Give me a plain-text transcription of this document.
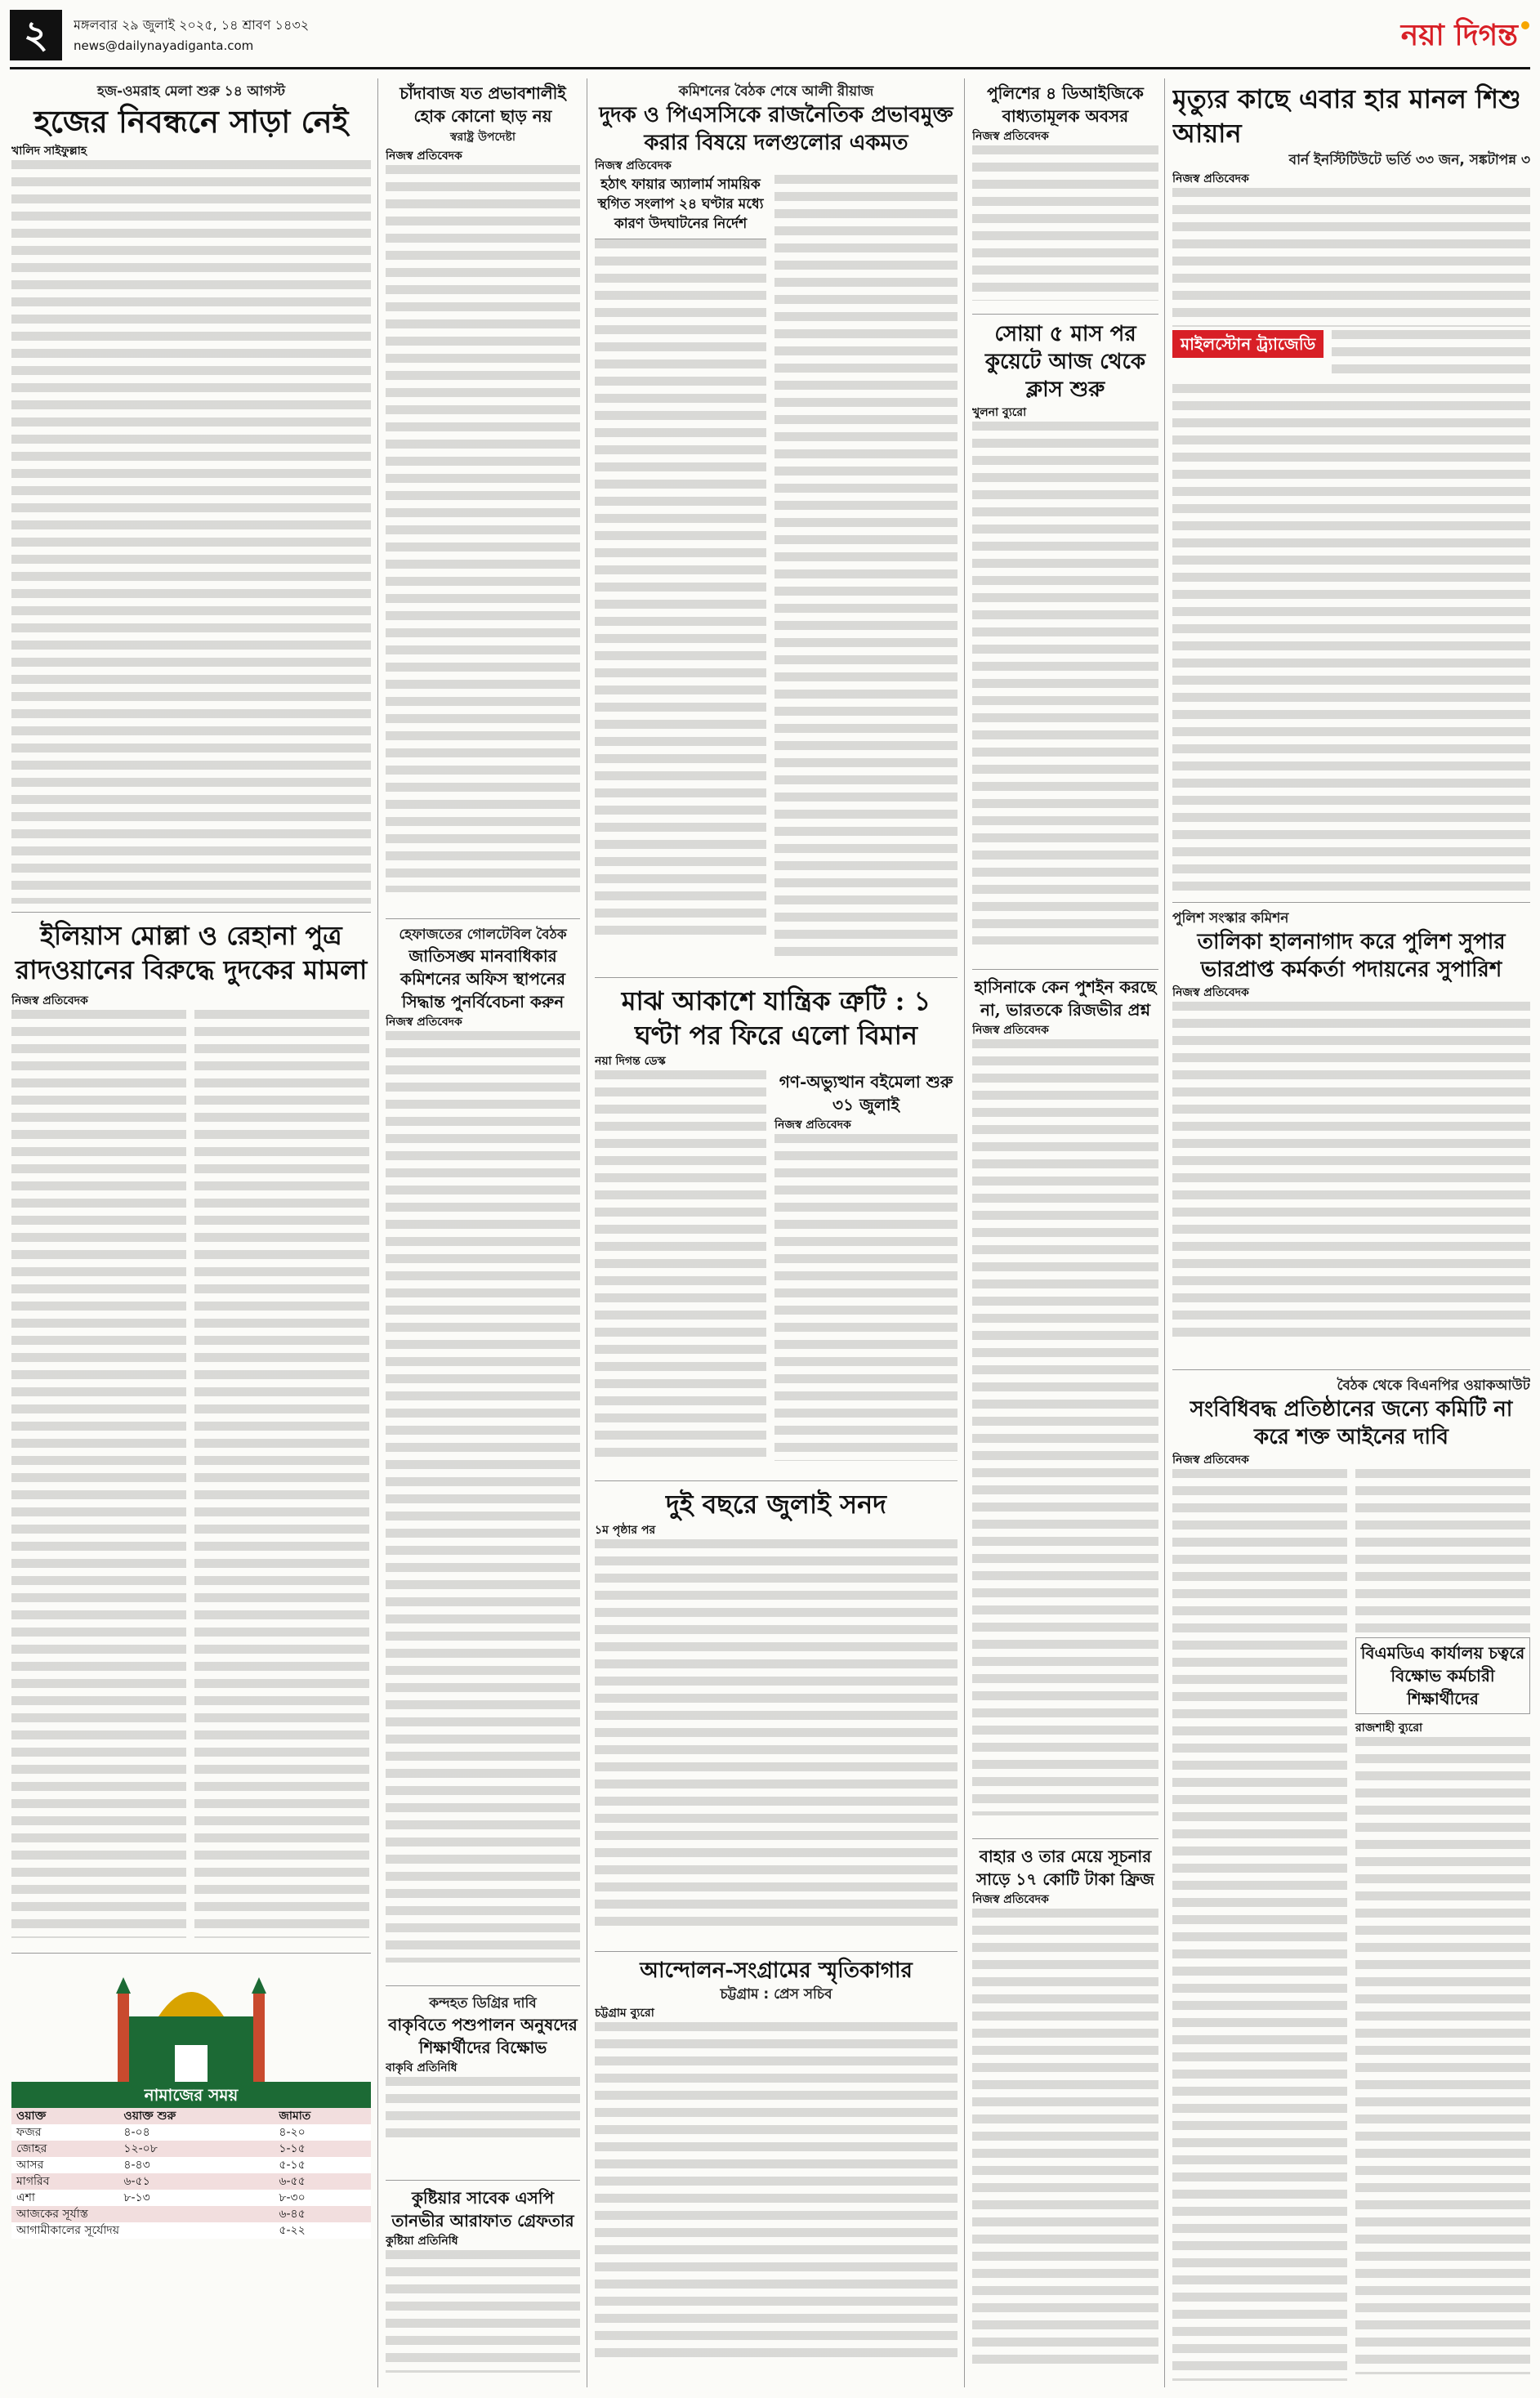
২	মঙ্গলবার ২৯ জুলাই ২০২৫, ১৪ শ্রাবণ ১৪৩২
news@dailynayadiganta.com	নয়া দিগন্ত
হজ-ওমরাহ মেলা শুরু ১৪ আগস্ট
হজের নিবন্ধনে সাড়া নেই
খালিদ সাইফুল্লাহ
ইলিয়াস মোল্লা ও রেহানা পুত্র রাদওয়ানের বিরুদ্ধে দুদকের মামলা
নিজস্ব প্রতিবেদক
চাঁদাবাজ যত প্রভাবশালীই হোক কোনো ছাড় নয়
স্বরাষ্ট্র উপদেষ্টা
নিজস্ব প্রতিবেদক
হেফাজতের গোলটেবিল বৈঠক
জাতিসঙ্ঘ মানবাধিকার কমিশনের অফিস স্থাপনের সিদ্ধান্ত পুনর্বিবেচনা করুন
নিজস্ব প্রতিবেদক
কমিশনের বৈঠক শেষে আলী রীয়াজ
দুদক ও পিএসসিকে রাজনৈতিক প্রভাবমুক্ত করার বিষয়ে দলগুলোর একমত
নিজস্ব প্রতিবেদক
হঠাৎ ফায়ার অ্যালার্ম সাময়িক স্থগিত সংলাপ ২৪ ঘণ্টার মধ্যে কারণ উদঘাটনের নির্দেশ
মাঝ আকাশে যান্ত্রিক ত্রুটি : ১ ঘণ্টা পর ফিরে এলো বিমান
নয়া দিগন্ত ডেস্ক
গণ-অভ্যুত্থান বইমেলা শুরু ৩১ জুলাই
নিজস্ব প্রতিবেদক
দুই বছরে জুলাই সনদ
১ম পৃষ্ঠার পর
পুলিশের ৪ ডিআইজিকে বাধ্যতামূলক অবসর
নিজস্ব প্রতিবেদক
সোয়া ৫ মাস পর কুয়েটে আজ থেকে ক্লাস শুরু
খুলনা ব্যুরো
হাসিনাকে কেন পুশইন করছে না, ভারতকে রিজভীর প্রশ্ন
নিজস্ব প্রতিবেদক
বাহার ও তার মেয়ে সূচনার সাড়ে ১৭ কোটি টাকা ফ্রিজ
নিজস্ব প্রতিবেদক
মৃত্যুর কাছে এবার হার মানল শিশু আয়ান
বার্ন ইনস্টিটিউটে ভর্তি ৩৩ জন, সঙ্কটাপন্ন ৩
নিজস্ব প্রতিবেদক
মাইলস্টোন ট্র্যাজেডি
পুলিশ সংস্কার কমিশন
তালিকা হালনাগাদ করে পুলিশ সুপার ভারপ্রাপ্ত কর্মকর্তা পদায়নের সুপারিশ
নিজস্ব প্রতিবেদক
বৈঠক থেকে বিএনপির ওয়াকআউট
সংবিধিবদ্ধ প্রতিষ্ঠানের জন্যে কমিটি না করে শক্ত আইনের দাবি
নিজস্ব প্রতিবেদক
বিএমডিএ কার্যালয় চত্বরে বিক্ষোভ কর্মচারী শিক্ষার্থীদের
রাজশাহী ব্যুরো
কন্দহত ডিগ্রির দাবি
বাকৃবিতে পশুপালন অনুষদের শিক্ষার্থীদের বিক্ষোভ
বাকৃবি প্রতিনিধি
কুষ্টিয়ার সাবেক এসপি তানভীর আরাফাত গ্রেফতার
কুষ্টিয়া প্রতিনিধি
আন্দোলন-সংগ্রামের স্মৃতিকাগার
চট্টগ্রাম : প্রেস সচিব
চট্টগ্রাম ব্যুরো
নামাজের সময়
ওয়াক্ত	ওয়াক্ত শুরু	জামাত
ফজর	৪-০৪	৪-২০
জোহর	১২-০৮	১-১৫
আসর	৪-৪৩	৫-১৫
মাগরিব	৬-৫১	৬-৫৫
এশা	৮-১৩	৮-৩০
আজকের সূর্যাস্ত		৬-৪৫
আগামীকালের সূর্যোদয়		৫-২২
